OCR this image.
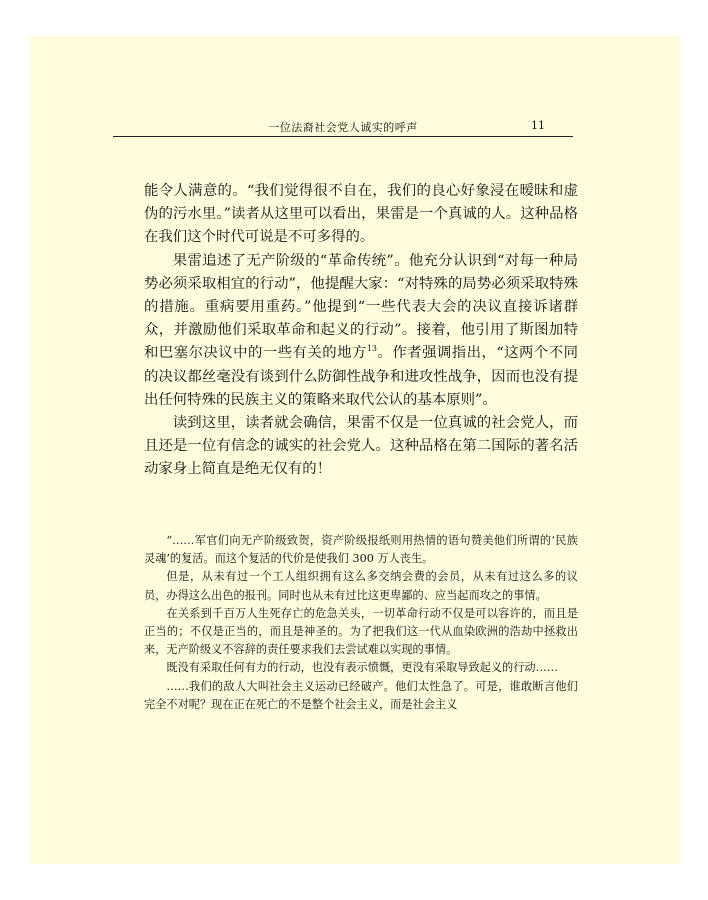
一位法裔社会党人诚实的呼声	11

能令人满意的。“我们觉得很不自在，我们的良心好象浸在暧昧和虚伪的污水里。”读者从这里可以看出，果雷是一个真诚的人。这种品格在我们这个时代可说是不可多得的。

果雷追述了无产阶级的“革命传统”。他充分认识到“对每一种局势必须采取相宜的行动”，他提醒大家：“对特殊的局势必须采取特殊的措施。重病要用重药。”他提到“一些代表大会的决议直接诉诸群众，并激励他们采取革命和起义的行动”。接着，他引用了斯图加特和巴塞尔决议中的一些有关的地方$^{13}$。作者强调指出，“这两个不同的决议都丝毫没有谈到什么防御性战争和进攻性战争，因而也没有提出任何特殊的民族主义的策略来取代公认的基本原则”。

读到这里，读者就会确信，果雷不仅是一位真诚的社会党人，而且还是一位有信念的诚实的社会党人。这种品格在第二国际的著名活动家身上简直是绝无仅有的！

“……军官们向无产阶级致贺，资产阶级报纸则用热情的语句赞美他们所谓的‘民族灵魂’的复活。而这个复活的代价是使我们 300 万人丧生。

但是，从未有过一个工人组织拥有这么多交纳会费的会员，从未有过这么多的议员，办得这么出色的报刊。同时也从未有过比这更卑鄙的、应当起而攻之的事情。

在关系到千百万人生死存亡的危急关头，一切革命行动不仅是可以容许的，而且是正当的；不仅是正当的，而且是神圣的。为了把我们这一代从血染欧洲的浩劫中拯救出来，无产阶级义不容辞的责任要求我们去尝试难以实现的事情。

既没有采取任何有力的行动，也没有表示愤慨，更没有采取导致起义的行动……

……我们的敌人大叫社会主义运动已经破产。他们太性急了。可是，谁敢断言他们完全不对呢？现在正在死亡的不是整个社会主义，而是社会主义
